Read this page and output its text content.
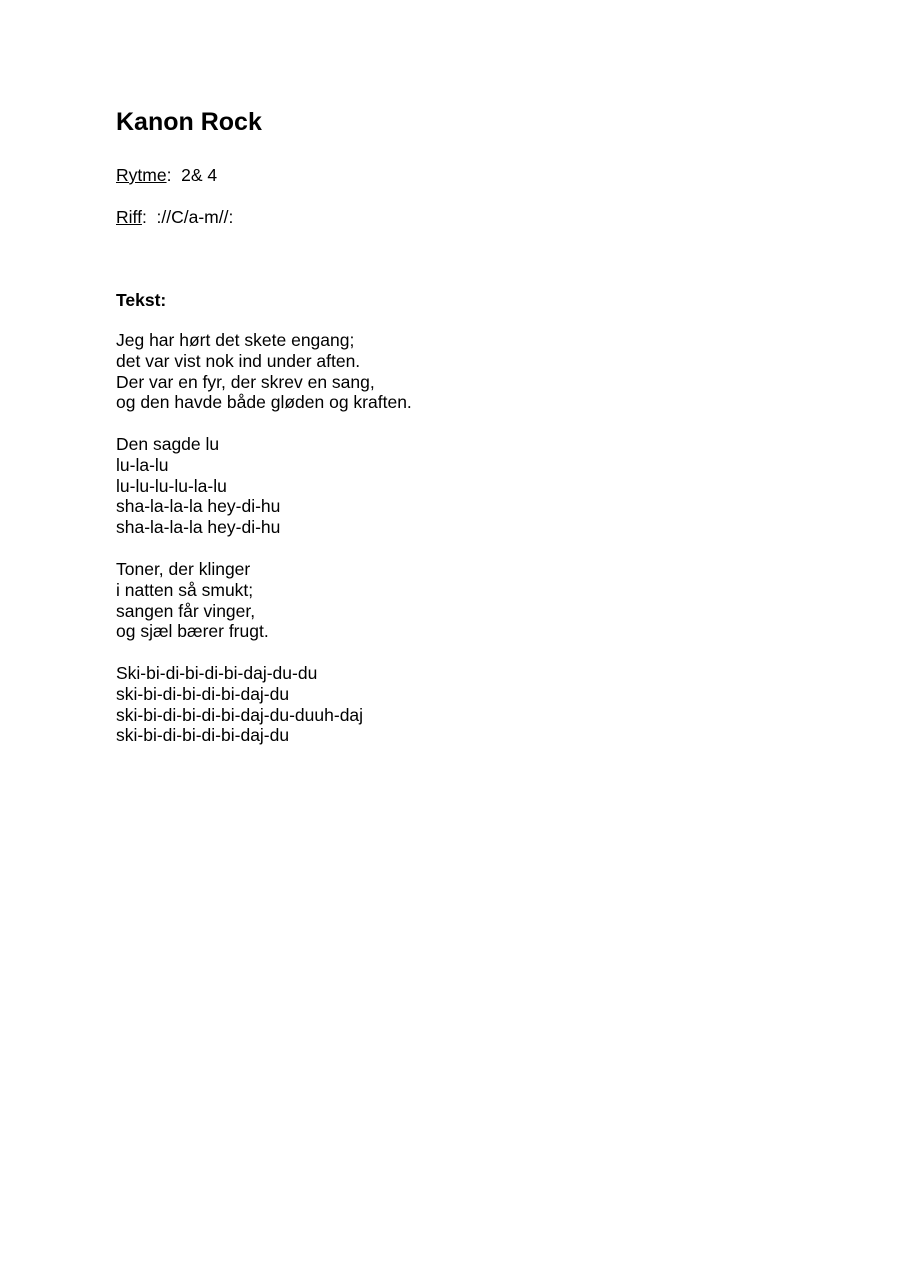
Kanon Rock
Rytme:  2& 4
Riff:  ://C/a-m//:
Tekst:
Jeg har hørt det skete engang;
det var vist nok ind under aften.
Der var en fyr, der skrev en sang,
og den havde både gløden og kraften.
Den sagde lu
lu-la-lu
lu-lu-lu-lu-la-lu
sha-la-la-la hey-di-hu
sha-la-la-la hey-di-hu
Toner, der klinger
i natten så smukt;
sangen får vinger,
og sjæl bærer frugt.
Ski-bi-di-bi-di-bi-daj-du-du
ski-bi-di-bi-di-bi-daj-du
ski-bi-di-bi-di-bi-daj-du-duuh-daj
ski-bi-di-bi-di-bi-daj-du
